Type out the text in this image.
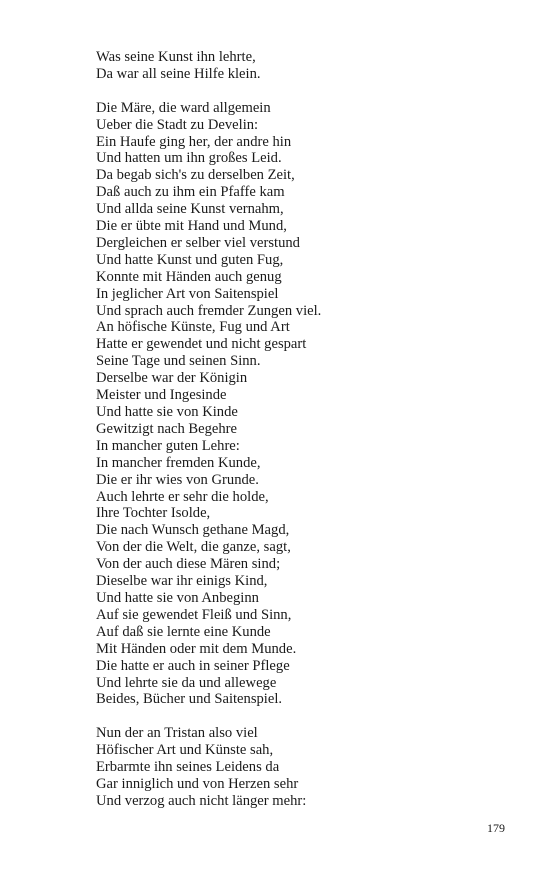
Was seine Kunst ihn lehrte,
Da war all seine Hilfe klein.
Die Märe, die ward allgemein
Ueber die Stadt zu Develin:
Ein Haufe ging her, der andre hin
Und hatten um ihn großes Leid.
Da begab sich's zu derselben Zeit,
Daß auch zu ihm ein Pfaffe kam
Und allda seine Kunst vernahm,
Die er übte mit Hand und Mund,
Dergleichen er selber viel verstund
Und hatte Kunst und guten Fug,
Konnte mit Händen auch genug
In jeglicher Art von Saitenspiel
Und sprach auch fremder Zungen viel.
An höfische Künste, Fug und Art
Hatte er gewendet und nicht gespart
Seine Tage und seinen Sinn.
Derselbe war der Königin
Meister und Ingesinde
Und hatte sie von Kinde
Gewitzigt nach Begehre
In mancher guten Lehre:
In mancher fremden Kunde,
Die er ihr wies von Grunde.
Auch lehrte er sehr die holde,
Ihre Tochter Isolde,
Die nach Wunsch gethane Magd,
Von der die Welt, die ganze, sagt,
Von der auch diese Mären sind;
Dieselbe war ihr einigs Kind,
Und hatte sie von Anbeginn
Auf sie gewendet Fleiß und Sinn,
Auf daß sie lernte eine Kunde
Mit Händen oder mit dem Munde.
Die hatte er auch in seiner Pflege
Und lehrte sie da und allewege
Beides, Bücher und Saitenspiel.
Nun der an Tristan also viel
Höfischer Art und Künste sah,
Erbarmte ihn seines Leidens da
Gar inniglich und von Herzen sehr
Und verzog auch nicht länger mehr:
179
